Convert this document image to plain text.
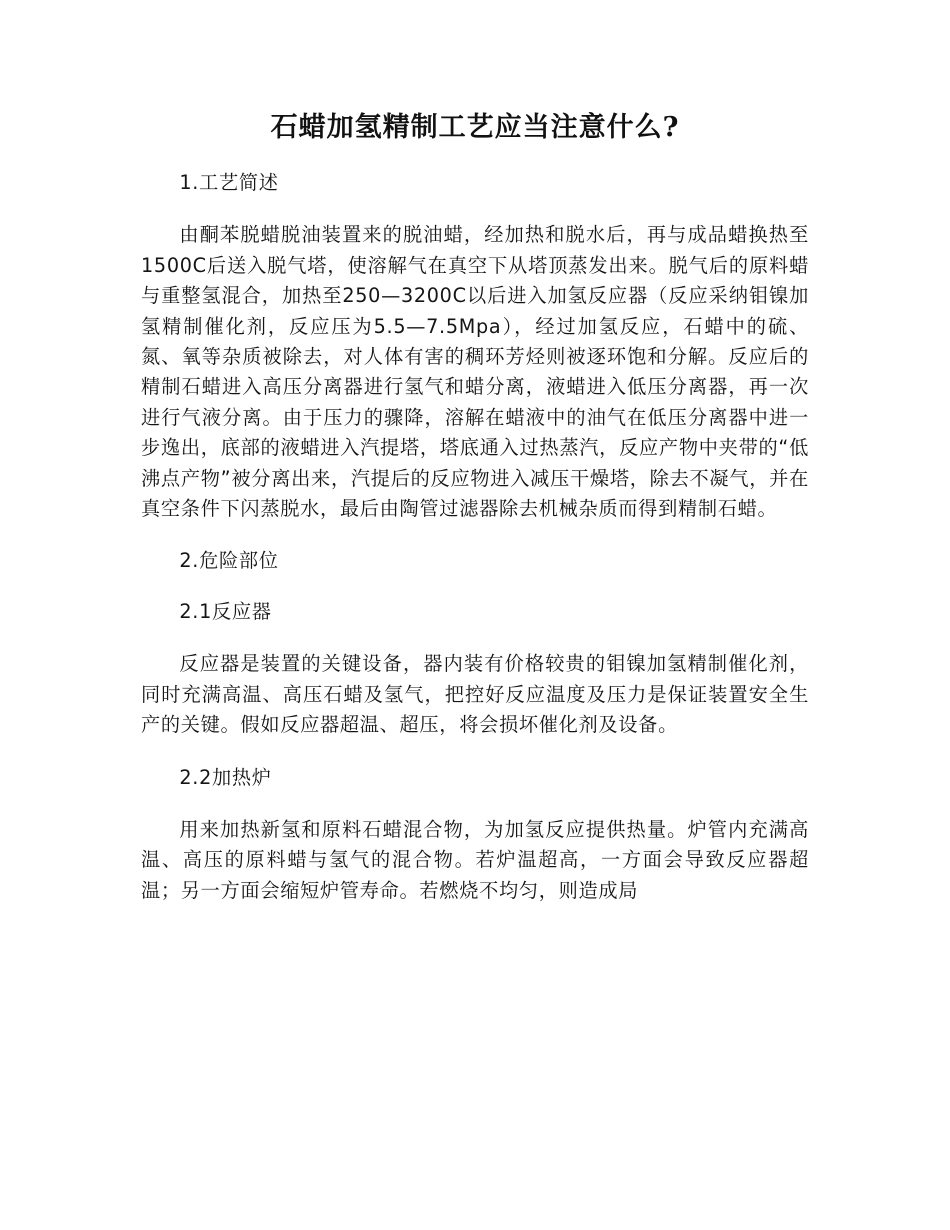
石蜡加氢精制工艺应当注意什么?
1.工艺简述

由酮苯脱蜡脱油装置来的脱油蜡，经加热和脱水后，再与成品蜡换热至1500C后送入脱气塔，使溶解气在真空下从塔顶蒸发出来。脱气后的原料蜡与重整氢混合，加热至250—3200C以后进入加氢反应器（反应采纳钼镍加氢精制催化剂，反应压为5.5—7.5Mpa），经过加氢反应，石蜡中的硫、氮、氧等杂质被除去，对人体有害的稠环芳烃则被逐环饱和分解。反应后的精制石蜡进入高压分离器进行氢气和蜡分离，液蜡进入低压分离器，再一次进行气液分离。由于压力的骤降，溶解在蜡液中的油气在低压分离器中进一步逸出，底部的液蜡进入汽提塔，塔底通入过热蒸汽，反应产物中夹带的“低沸点产物”被分离出来，汽提后的反应物进入减压干燥塔，除去不凝气，并在真空条件下闪蒸脱水，最后由陶管过滤器除去机械杂质而得到精制石蜡。

2.危险部位
2.1反应器

反应器是装置的关键设备，器内装有价格较贵的钼镍加氢精制催化剂，同时充满高温、高压石蜡及氢气，把控好反应温度及压力是保证装置安全生产的关键。假如反应器超温、超压，将会损坏催化剂及设备。

2.2加热炉

用来加热新氢和原料石蜡混合物，为加氢反应提供热量。炉管内充满高温、高压的原料蜡与氢气的混合物。若炉温超高，一方面会导致反应器超温；另一方面会缩短炉管寿命。若燃烧不均匀，则造成局
